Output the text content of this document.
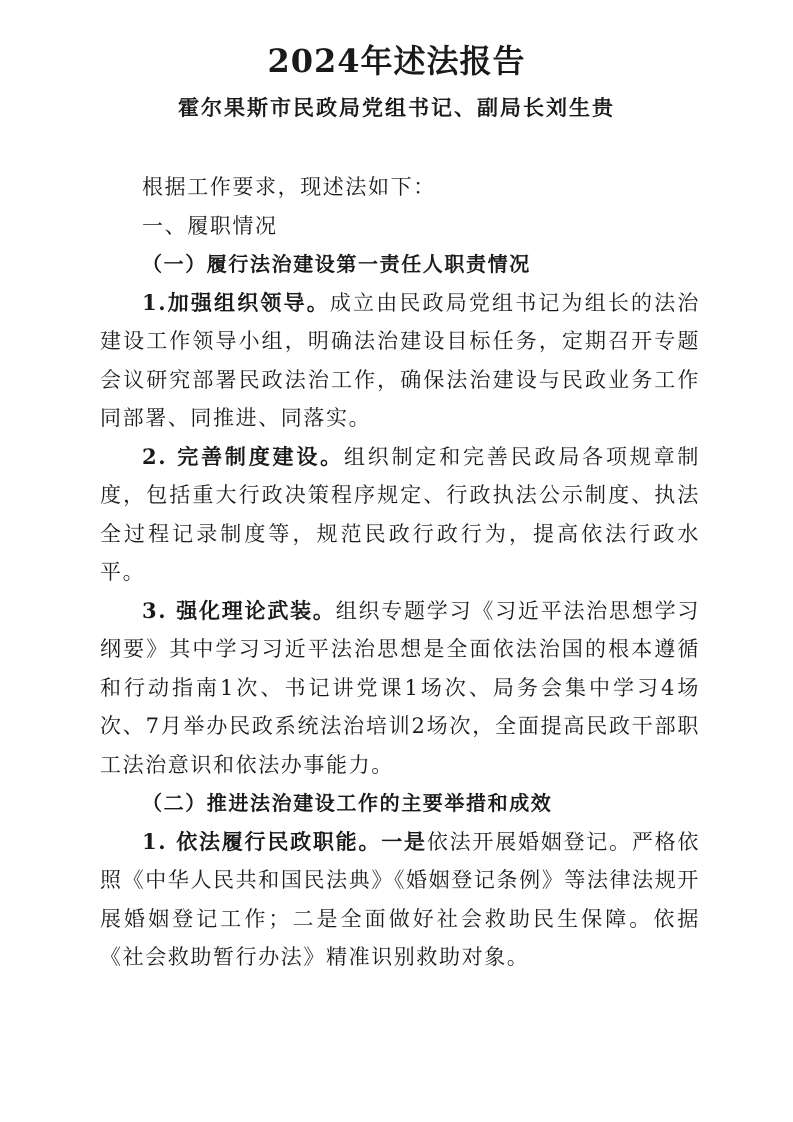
2024年述法报告
霍尔果斯市民政局党组书记、副局长刘生贵

根据工作要求，现述法如下：

一、履职情况

（一）履行法治建设第一责任人职责情况

1.加强组织领导。成立由民政局党组书记为组长的法治建设工作领导小组，明确法治建设目标任务，定期召开专题会议研究部署民政法治工作，确保法治建设与民政业务工作同部署、同推进、同落实。

2. 完善制度建设。组织制定和完善民政局各项规章制度，包括重大行政决策程序规定、行政执法公示制度、执法全过程记录制度等，规范民政行政行为，提高依法行政水平。

3. 强化理论武装。组织专题学习《习近平法治思想学习纲要》其中学习习近平法治思想是全面依法治国的根本遵循和行动指南1次、书记讲党课1场次、局务会集中学习4场次、7月举办民政系统法治培训2场次，全面提高民政干部职工法治意识和依法办事能力。

（二）推进法治建设工作的主要举措和成效

1. 依法履行民政职能。一是依法开展婚姻登记。严格依照《中华人民共和国民法典》《婚姻登记条例》等法律法规开展婚姻登记工作；二是全面做好社会救助民生保障。依据《社会救助暂行办法》精准识别救助对象。
